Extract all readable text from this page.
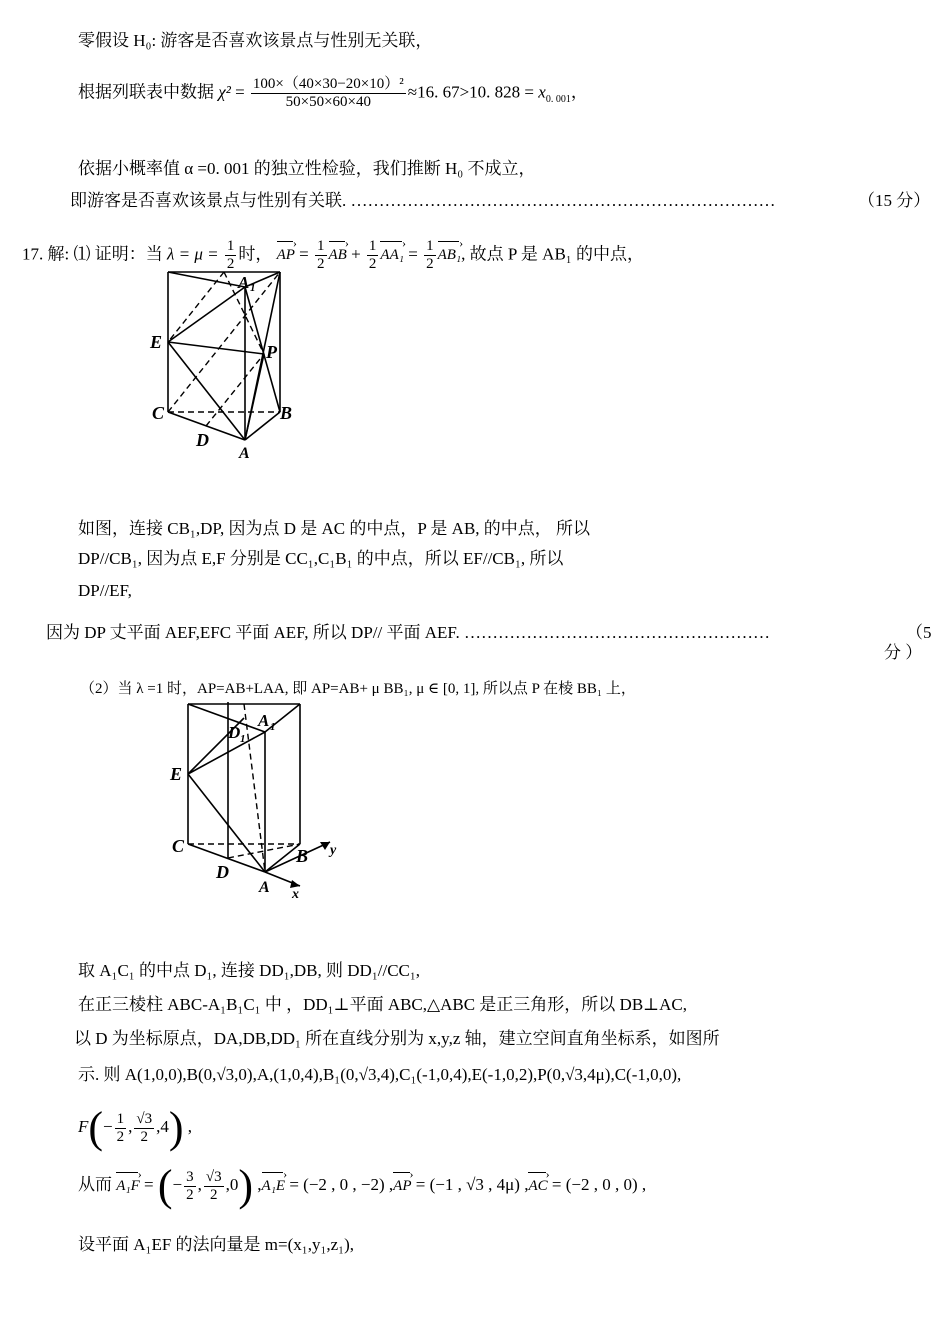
零假设 H₀: 游客是否喜欢该景点与性别无关联，
根据列联表中数据 $\chi^2 = \frac{\text{100×（40×30−20×10）²}}{50\times 50\times 60\times 40} \approx 16$. 67>10. $828 = x_{0. 001}$，
依据小概率值 α =0. 001 的独立性检验，我们推断 H₀ 不成立，
即游客是否喜欢该景点与性别有关联. …………………………………………………………………	（15 分）
17. 解: ⑴ 证明：当 $\lambda = \mu = \frac{1}{2}$ 时， AP › = $\frac{1}{2}$ AB › + $\frac{1}{2} AA_1$ › = $\frac{1}{2} AB_1$ ›, 故点 P 是 AB₁ 的中点，
A 1
E	P
C	B
D
A
如图，连接 CB₁,DP, 因为点 D 是 AC 的中点，P 是 AB, 的中点， 所以
DP//CB₁, 因为点 E,F 分别是 CC₁,C₁B₁ 的中点，所以 EF//CB₁, 所以
DP//EF,
因为 DP 丈平面 AEF,EFC 平面 AEF, 所以 DP// 平面 AEF. ………………………………………………	（5
分 ）
（2）当 λ =1 时，AP=AB+LAA, 即 AP=AB+ μ BB₁, μ ∈ [0, 1], 所以点 P 在棱 BB₁ 上，
A 1
D 1
E
C	B
D
A x
y
取 A₁C₁ 的中点 D₁, 连接 DD₁,DB, 则 DD₁//CC₁,
在正三棱柱 ABC-A₁B₁C₁ 中 ，DD₁⊥平面 ABC,△ABC 是正三角形，所以 DB⊥AC,
以 D 为坐标原点，DA,DB,DD₁ 所在直线分别为 x,y,z 轴，建立空间直角坐标系，如图所
示. 则 A(1,0,0),B(0,√3,0),A,(1,0,4),B₁(0,√3,4),C₁(-1,0,4),E(-1,0,2),P(0,√3,4μ),C(-1,0,0),
$F(- \frac{1}{2}$ , $\frac{√3}{2} ,4$) ,
从而 A₁F › = (− $\frac{3}{2}$ , $\frac{√3}{2} ,0$) ,A₁E › = (−2 , 0 , −2) ,AP › = (−1 , √3 , 4μ) ,AC › = (−2 , 0 , 0) ,
设平面 A₁EF 的法向量是 m=(x₁,y₁,z₁),
